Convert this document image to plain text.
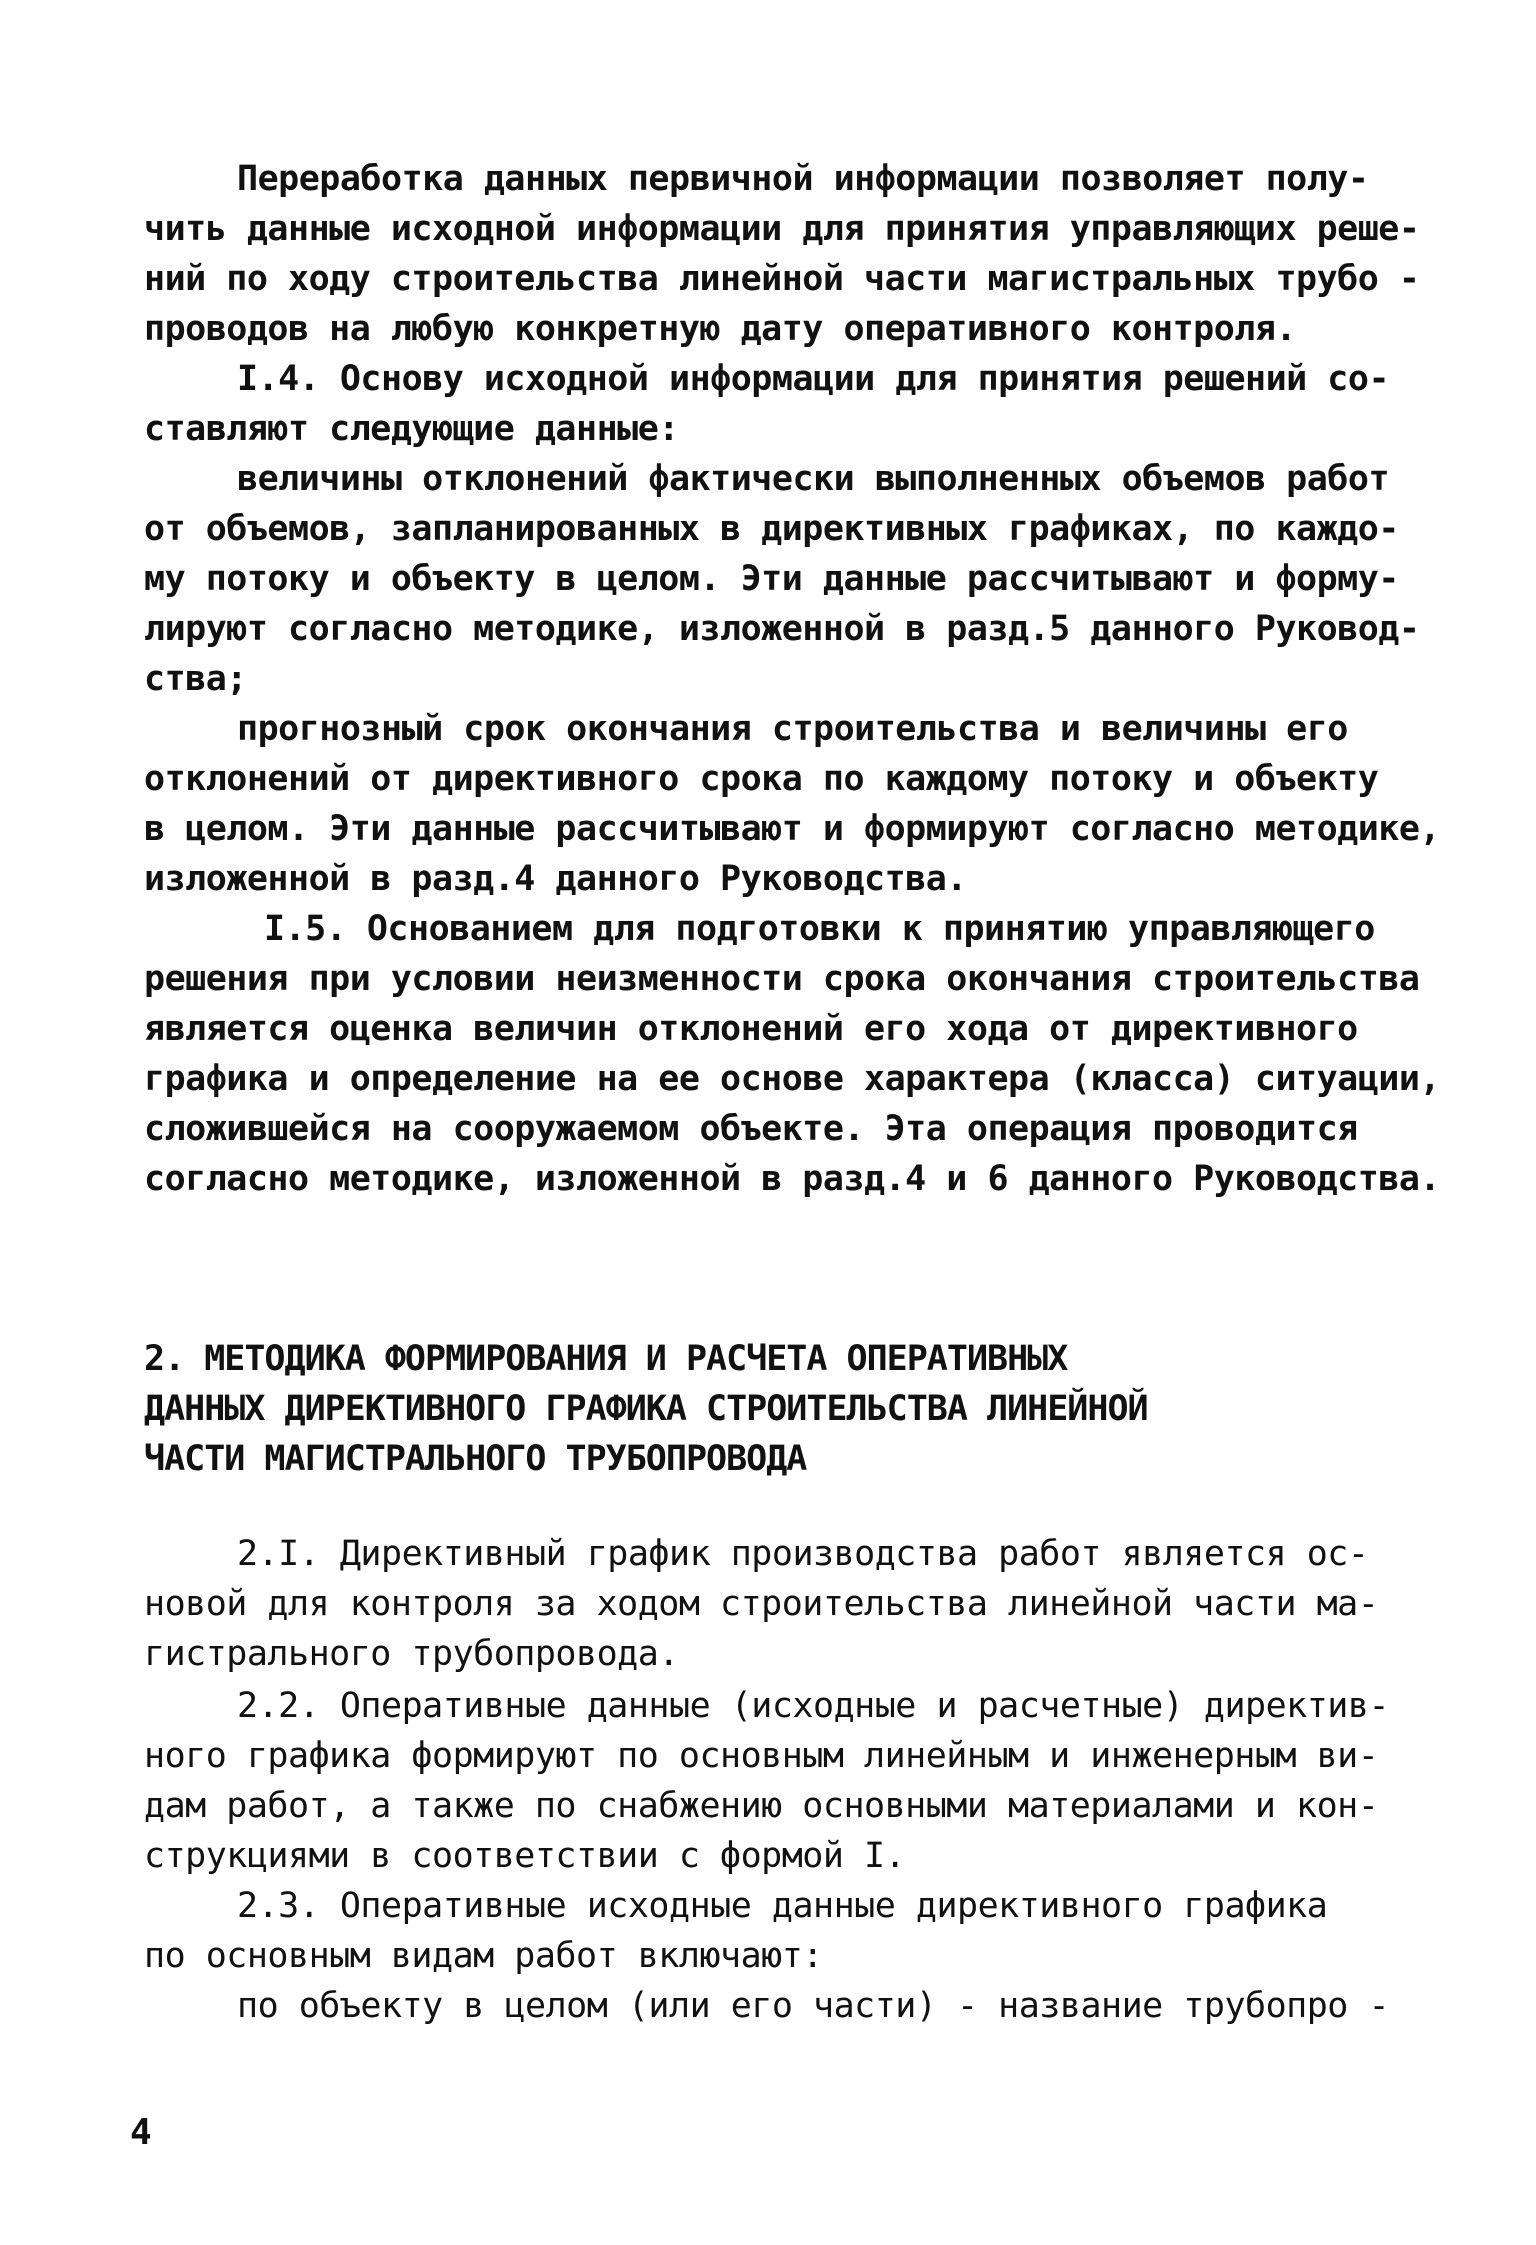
Переработка данных первичной информации позволяет полу-
чить данные исходной информации для принятия управляющих реше-
ний по ходу строительства линейной части магистральных трубо -
проводов на любую конкретную дату оперативного контроля.
I.4. Основу исходной информации для принятия решений со-
ставляют следующие данные:
величины отклонений фактически выполненных объемов работ
от объемов, запланированных в директивных графиках, по каждо-
му потоку и объекту в целом. Эти данные рассчитывают и форму-
лируют согласно методике, изложенной в разд.5 данного Руковод-
ства;
прогнозный срок окончания строительства и величины его
отклонений от директивного срока по каждому потоку и объекту
в целом. Эти данные рассчитывают и формируют согласно методике,
изложенной в разд.4 данного Руководства.
I.5. Основанием для подготовки к принятию управляющего
решения при условии неизменности срока окончания строительства
является оценка величин отклонений его хода от директивного
графика и определение на ее основе характера (класса) ситуации,
сложившейся на сооружаемом объекте. Эта операция проводится
согласно методике, изложенной в разд.4 и 6 данного Руководства.
2. МЕТОДИКА ФОРМИРОВАНИЯ И РАСЧЕТА ОПЕРАТИВНЫХ
ДАННЫХ ДИРЕКТИВНОГО ГРАФИКА СТРОИТЕЛЬСТВА ЛИНЕЙНОЙ
ЧАСТИ МАГИСТРАЛЬНОГО ТРУБОПРОВОДА
2.I. Директивный график производства работ является ос-
новой для контроля за ходом строительства линейной части ма-
гистрального трубопровода.
2.2. Оперативные данные (исходные и расчетные) директив-
ного графика формируют по основным линейным и инженерным ви-
дам работ, а также по снабжению основными материалами и кон-
струкциями в соответствии с формой I.
2.3. Оперативные исходные данные директивного графика
по основным видам работ включают:
по объекту в целом (или его части) - название трубопро -
4
